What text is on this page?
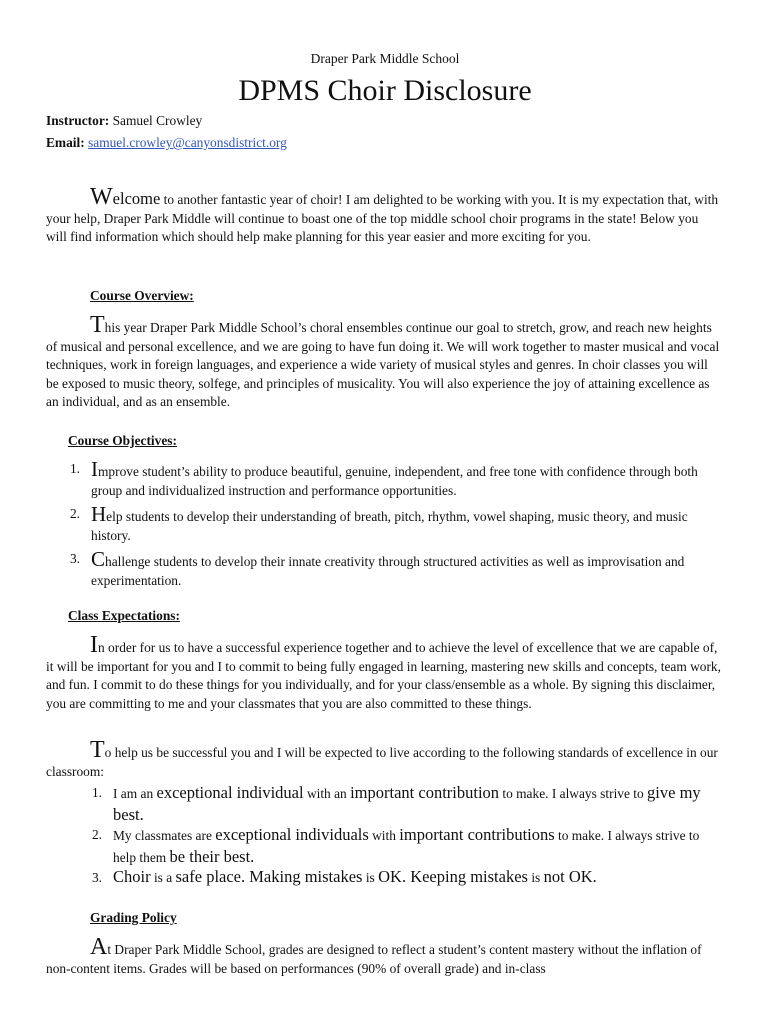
Draper Park Middle School
DPMS Choir Disclosure
Instructor: Samuel Crowley
Email: samuel.crowley@canyonsdistrict.org

Welcome to another fantastic year of choir! I am delighted to be working with you. It is my expectation that, with your help, Draper Park Middle will continue to boast one of the top middle school choir programs in the state! Below you will find information which should help make planning for this year easier and more exciting for you.

Course Overview:

This year Draper Park Middle School’s choral ensembles continue our goal to stretch, grow, and reach new heights of musical and personal excellence, and we are going to have fun doing it. We will work together to master musical and vocal techniques, work in foreign languages, and experience a wide variety of musical styles and genres. In choir classes you will be exposed to music theory, solfege, and principles of musicality. You will also experience the joy of attaining excellence as an individual, and as an ensemble.

Course Objectives:
1. Improve student’s ability to produce beautiful, genuine, independent, and free tone with confidence through both group and individualized instruction and performance opportunities.

2. Help students to develop their understanding of breath, pitch, rhythm, vowel shaping, music theory, and music history.

3. Challenge students to develop their innate creativity through structured activities as well as improvisation and experimentation.

Class Expectations:

In order for us to have a successful experience together and to achieve the level of excellence that we are capable of, it will be important for you and I to commit to being fully engaged in learning, mastering new skills and concepts, team work, and fun. I commit to do these things for you individually, and for your class/ensemble as a whole. By signing this disclaimer, you are committing to me and your classmates that you are also committed to these things.

To help us be successful you and I will be expected to live according to the following standards of excellence in our classroom:

1. I am an exceptional individual with an important contribution to make. I always strive to give my best.

2. My classmates are exceptional individuals with important contributions to make. I always strive to help them be their best.

3. Choir is a safe place. Making mistakes is OK. Keeping mistakes is not OK.

Grading Policy

At Draper Park Middle School, grades are designed to reflect a student’s content mastery without the inflation of non-content items. Grades will be based on performances (90% of overall grade) and in-class
